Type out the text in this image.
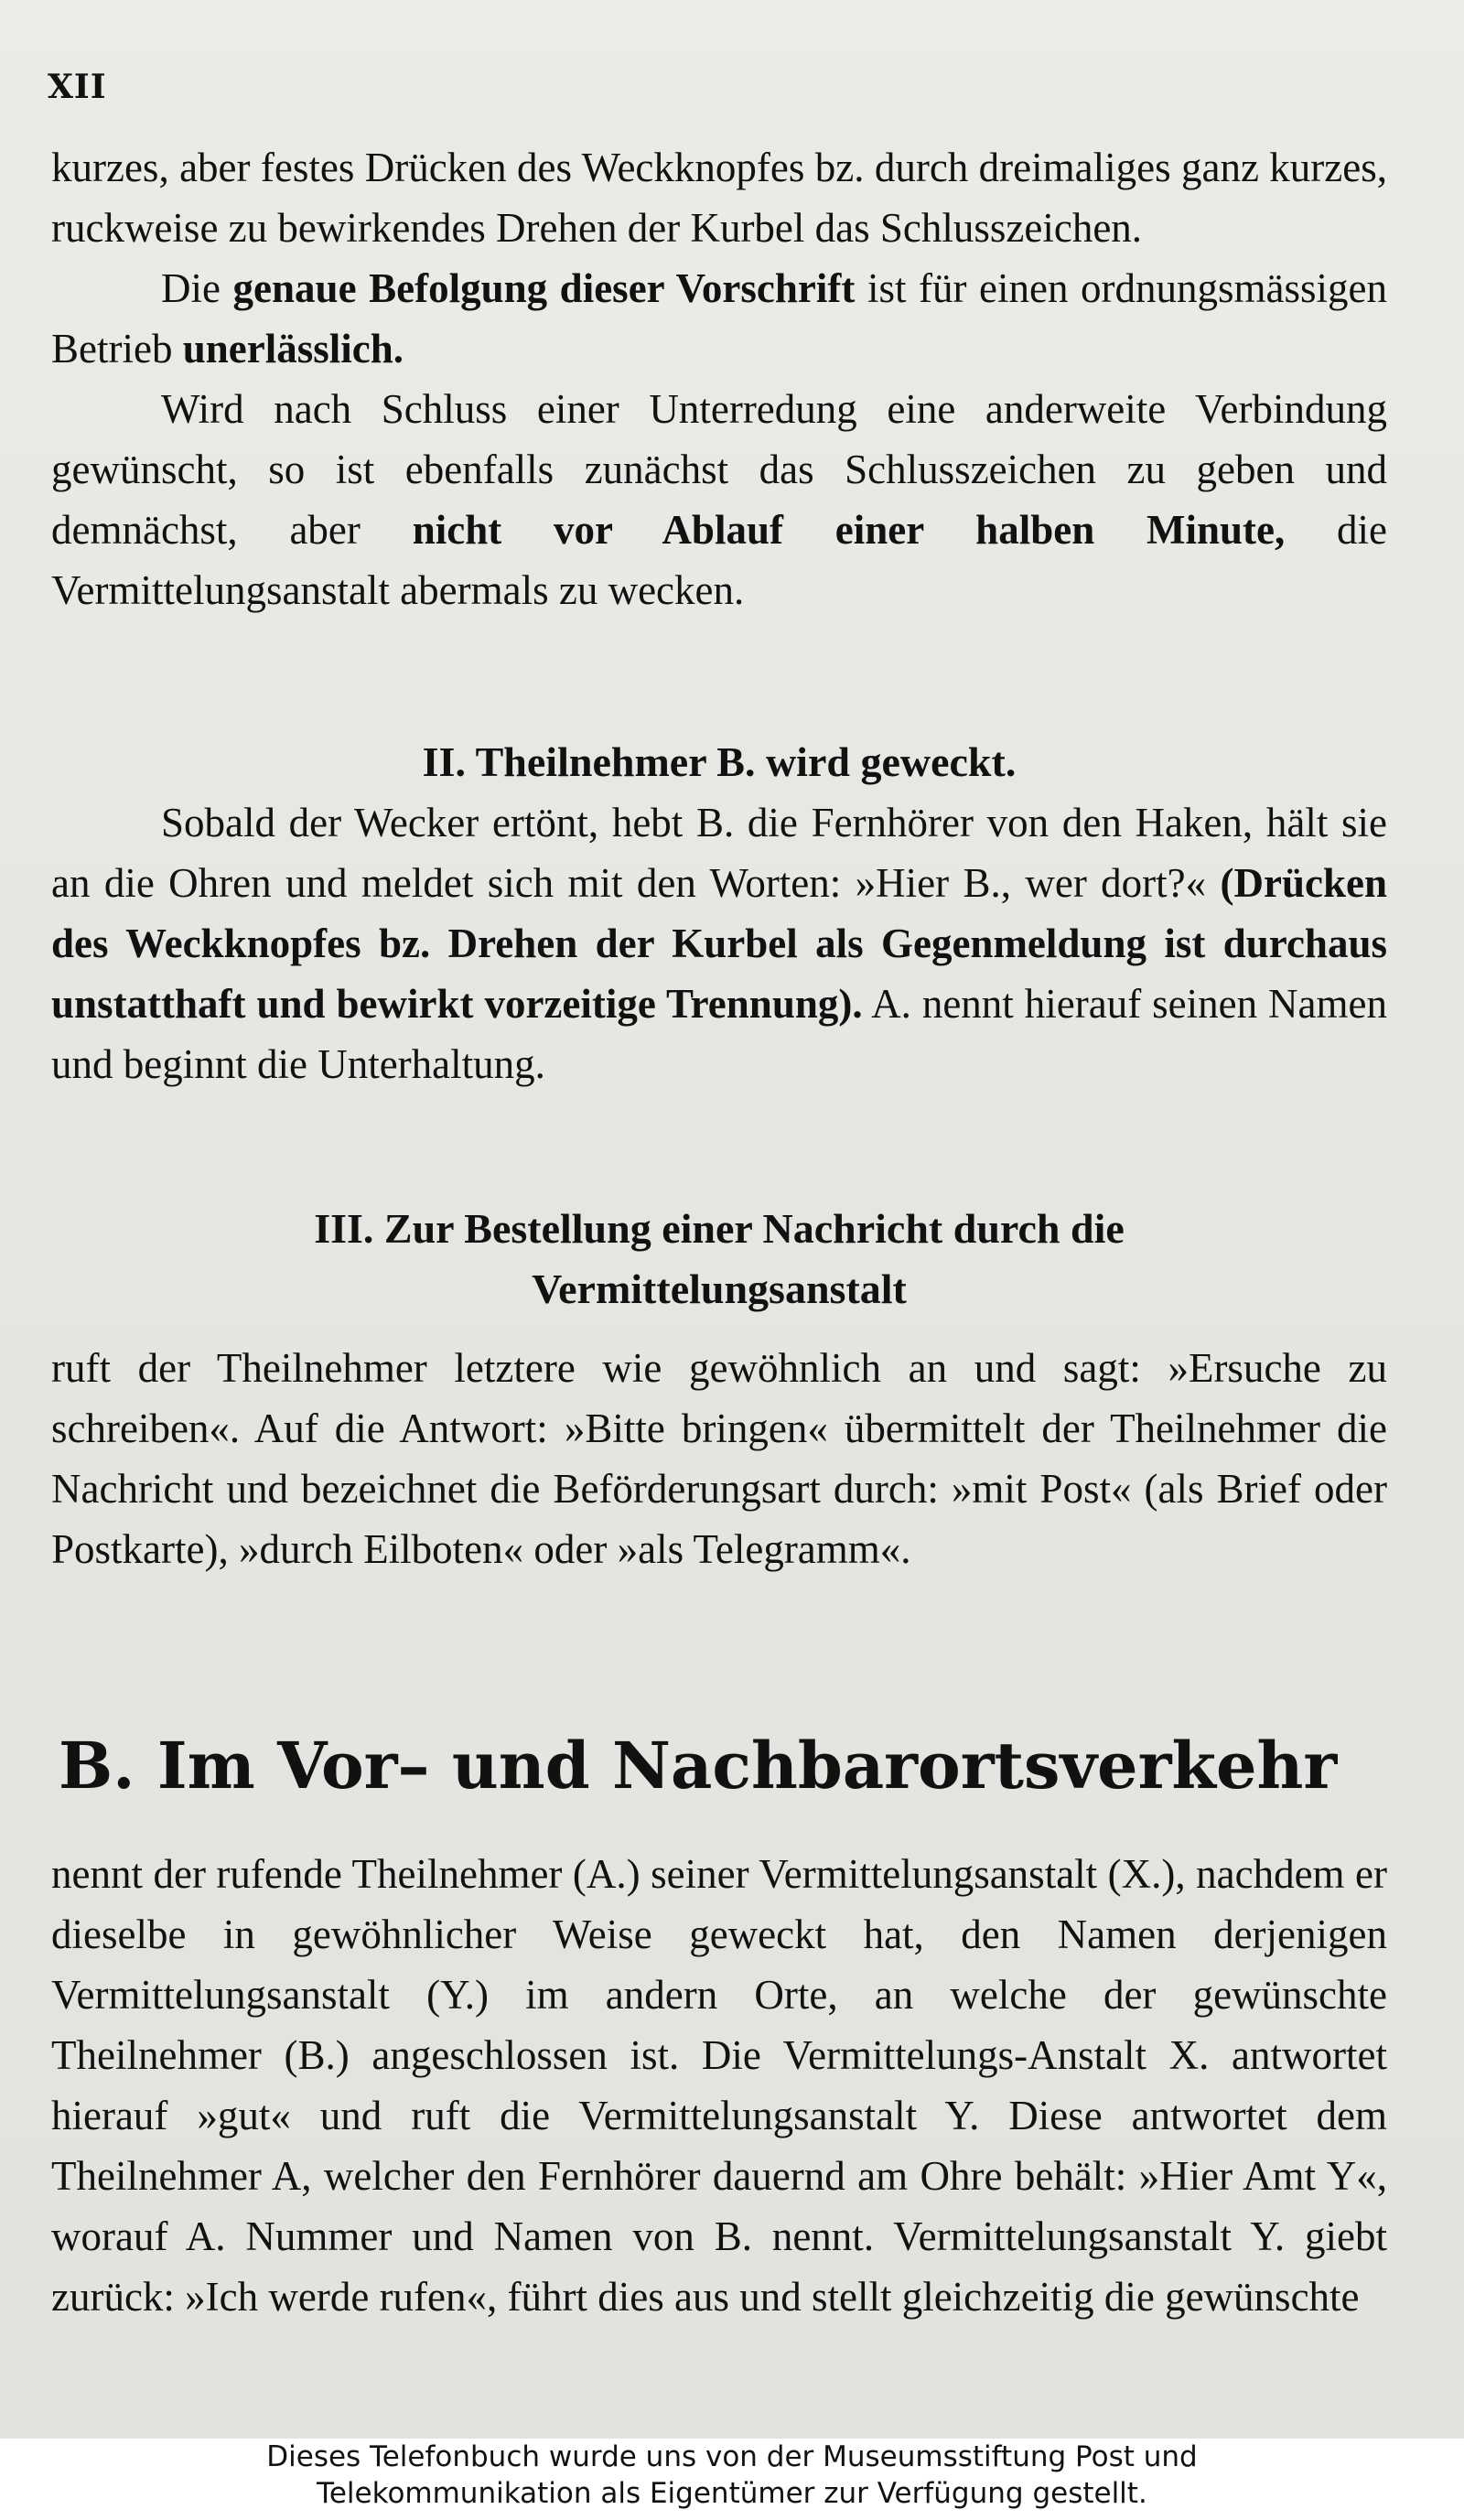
XII

kurzes, aber festes Drücken des Weckknopfes bz. durch dreimaliges ganz kurzes, ruckweise zu bewirkendes Drehen der Kurbel das Schlusszeichen.

Die genaue Befolgung dieser Vorschrift ist für einen ordnungsmässigen Betrieb unerlässlich.

Wird nach Schluss einer Unterredung eine anderweite Verbindung gewünscht, so ist ebenfalls zunächst das Schlusszeichen zu geben und demnächst, aber nicht vor Ablauf einer halben Minute, die Vermittelungsanstalt abermals zu wecken.

II. Theilnehmer B. wird geweckt.

Sobald der Wecker ertönt, hebt B. die Fernhörer von den Haken, hält sie an die Ohren und meldet sich mit den Worten: »Hier B., wer dort?« (Drücken des Weckknopfes bz. Drehen der Kurbel als Gegenmeldung ist durchaus unstatthaft und bewirkt vorzeitige Trennung). A. nennt hierauf seinen Namen und beginnt die Unterhaltung.

III. Zur Bestellung einer Nachricht durch die
Vermittelungsanstalt

ruft der Theilnehmer letztere wie gewöhnlich an und sagt: »Ersuche zu schreiben«. Auf die Antwort: »Bitte bringen« übermittelt der Theilnehmer die Nachricht und bezeichnet die Beförderungsart durch: »mit Post« (als Brief oder Postkarte), »durch Eilboten« oder »als Telegramm«.

B. Im Vor– und Nachbarortsverkehr

nennt der rufende Theilnehmer (A.) seiner Vermittelungsanstalt (X.), nachdem er dieselbe in gewöhnlicher Weise geweckt hat, den Namen derjenigen Vermittelungsanstalt (Y.) im andern Orte, an welche der gewünschte Theilnehmer (B.) angeschlossen ist. Die Vermittelungs-Anstalt X. antwortet hierauf »gut« und ruft die Vermittelungsanstalt Y. Diese antwortet dem Theilnehmer A, welcher den Fernhörer dauernd am Ohre behält: »Hier Amt Y«, worauf A. Nummer und Namen von B. nennt. Vermittelungsanstalt Y. giebt zurück: »Ich werde rufen«, führt dies aus und stellt gleichzeitig die gewünschte

Dieses Telefonbuch wurde uns von der Museumsstiftung Post und
Telekommunikation als Eigentümer zur Verfügung gestellt.
